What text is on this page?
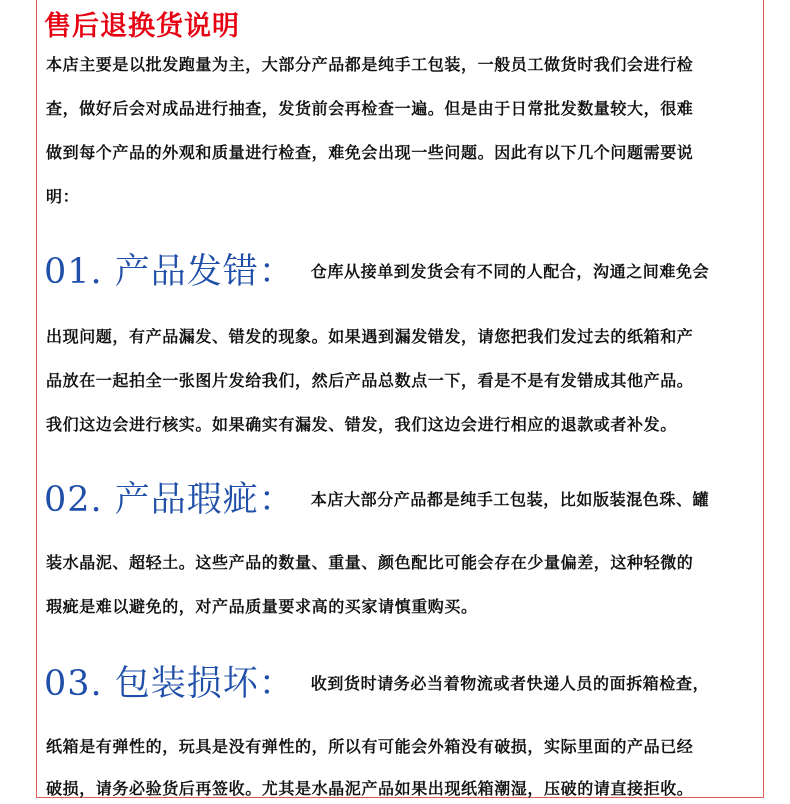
售后退换货说明
本店主要是以批发跑量为主，大部分产品都是纯手工包装，一般员工做货时我们会进行检
查，做好后会对成品进行抽查，发货前会再检查一遍。但是由于日常批发数量较大，很难
做到每个产品的外观和质量进行检查，难免会出现一些问题。因此有以下几个问题需要说
明：
01. 产品发错： 仓库从接单到发货会有不同的人配合，沟通之间难免会
出现问题，有产品漏发、错发的现象。如果遇到漏发错发，请您把我们发过去的纸箱和产
品放在一起拍全一张图片发给我们，然后产品总数点一下，看是不是有发错成其他产品。
我们这边会进行核实。如果确实有漏发、错发，我们这边会进行相应的退款或者补发。
02. 产品瑕疵： 本店大部分产品都是纯手工包装，比如版装混色珠、罐
装水晶泥、超轻土。这些产品的数量、重量、颜色配比可能会存在少量偏差，这种轻微的
瑕疵是难以避免的，对产品质量要求高的买家请慎重购买。
03. 包装损坏： 收到货时请务必当着物流或者快递人员的面拆箱检查，
纸箱是有弹性的，玩具是没有弹性的，所以有可能会外箱没有破损，实际里面的产品已经
破损，请务必验货后再签收。尤其是水晶泥产品如果出现纸箱潮湿，压破的请直接拒收。
